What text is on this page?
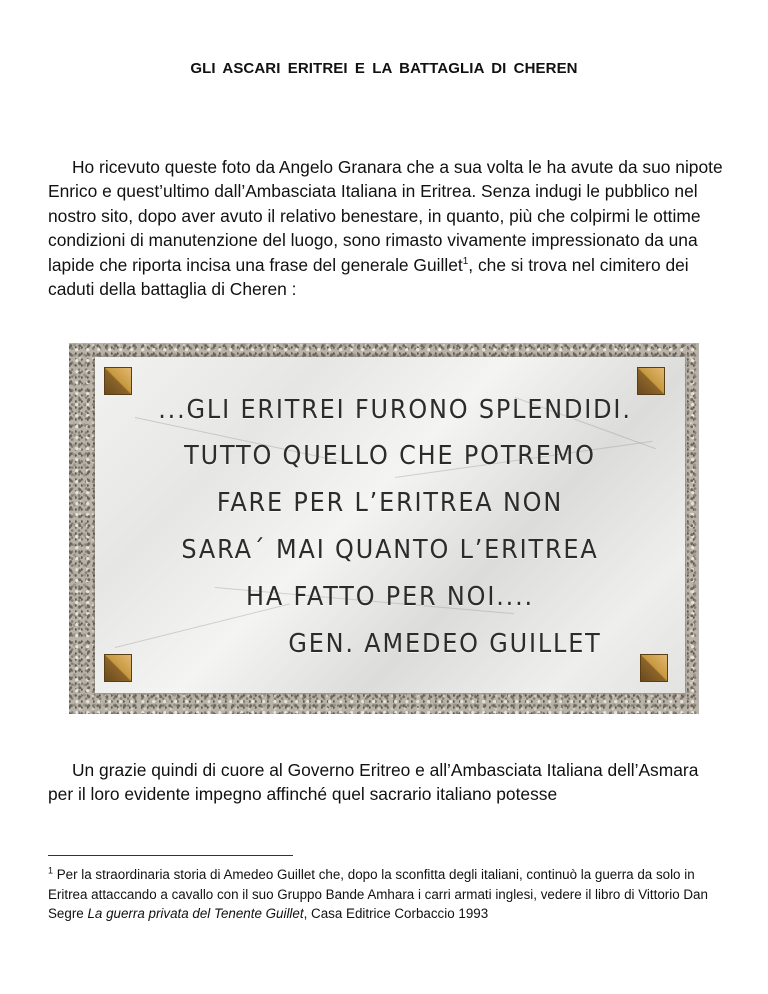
GLI ASCARI ERITREI E LA BATTAGLIA DI CHEREN

Ho ricevuto queste foto da Angelo Granara che a sua volta le ha avute da suo nipote Enrico e quest’ultimo dall’Ambasciata Italiana in Eritrea. Senza indugi le pubblico nel nostro sito, dopo aver avuto il relativo benestare, in quanto, più che colpirmi le ottime condizioni di manutenzione del luogo, sono rimasto vivamente impressionato da una lapide che riporta incisa una frase del generale Guillet$^1$, che si trova nel cimitero dei caduti della battaglia di Cheren :

...GLI ERITREI FURONO SPLENDIDI.
TUTTO QUELLO CHE POTREMO
FARE PER L’ERITREA NON
SARA´ MAI QUANTO L’ERITREA
HA FATTO PER NOI....
GEN. AMEDEO GUILLET

Un grazie quindi di cuore al Governo Eritreo e all’Ambasciata Italiana dell’Asmara per il loro evidente impegno affinché quel sacrario italiano potesse

$^1$ Per la straordinaria storia di Amedeo Guillet che, dopo la sconfitta degli italiani, continuò la guerra da solo in Eritrea attaccando a cavallo con il suo Gruppo Bande Amhara i carri armati inglesi, vedere il libro di Vittorio Dan Segre La guerra privata del Tenente Guillet, Casa Editrice Corbaccio 1993
